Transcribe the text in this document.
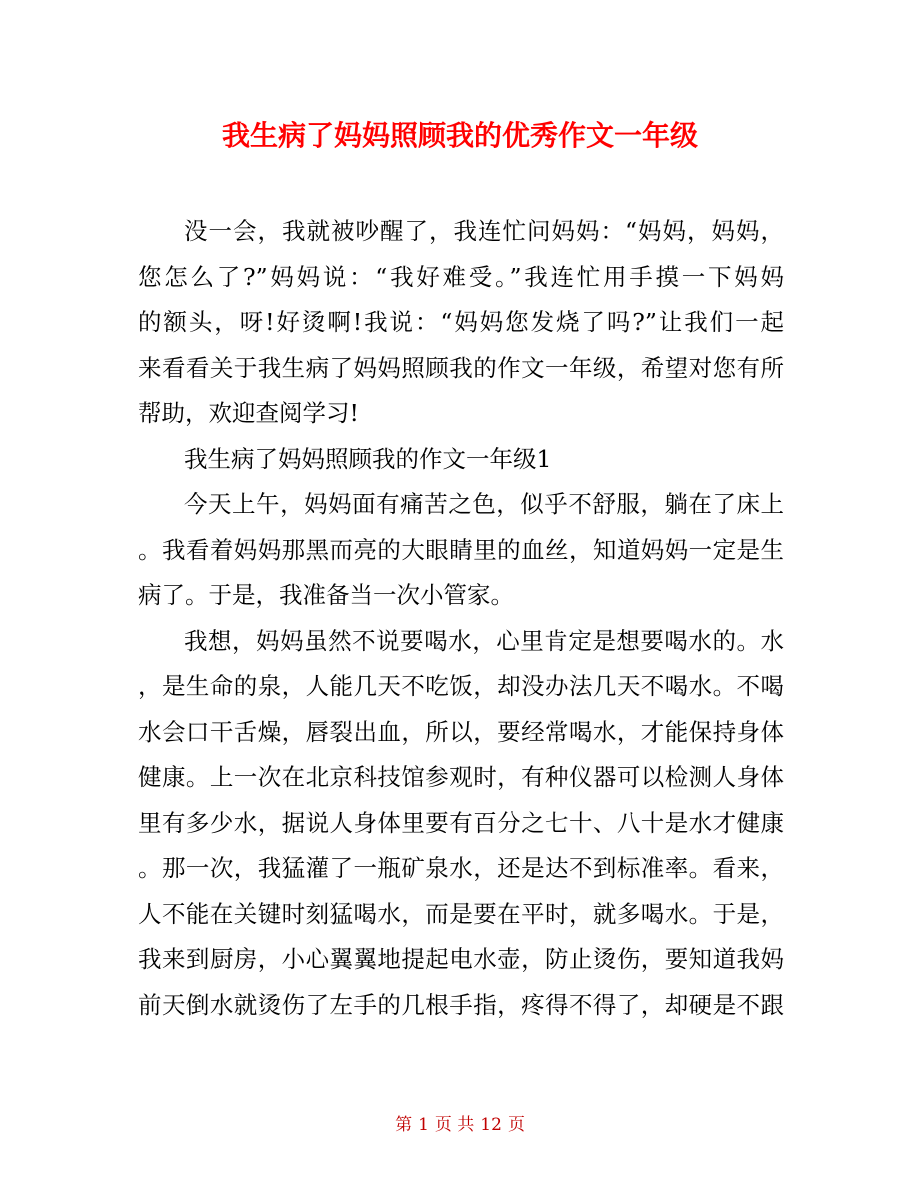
我生病了妈妈照顾我的优秀作文一年级
没一会，我就被吵醒了，我连忙问妈妈：“妈妈，妈妈，
您怎么了?”妈妈说：“我好难受。”我连忙用手摸一下妈妈
的额头，呀!好烫啊!我说：“妈妈您发烧了吗?”让我们一起
来看看关于我生病了妈妈照顾我的作文一年级，希望对您有所
帮助，欢迎查阅学习!
我生病了妈妈照顾我的作文一年级1
今天上午，妈妈面有痛苦之色，似乎不舒服，躺在了床上
。我看着妈妈那黑而亮的大眼睛里的血丝，知道妈妈一定是生
病了。于是，我准备当一次小管家。
我想，妈妈虽然不说要喝水，心里肯定是想要喝水的。水
，是生命的泉，人能几天不吃饭，却没办法几天不喝水。不喝
水会口干舌燥，唇裂出血，所以，要经常喝水，才能保持身体
健康。上一次在北京科技馆参观时，有种仪器可以检测人身体
里有多少水，据说人身体里要有百分之七十、八十是水才健康
。那一次，我猛灌了一瓶矿泉水，还是达不到标准率。看来，
人不能在关键时刻猛喝水，而是要在平时，就多喝水。于是，
我来到厨房，小心翼翼地提起电水壶，防止烫伤，要知道我妈
前天倒水就烫伤了左手的几根手指，疼得不得了，却硬是不跟
第 1 页 共 12 页
